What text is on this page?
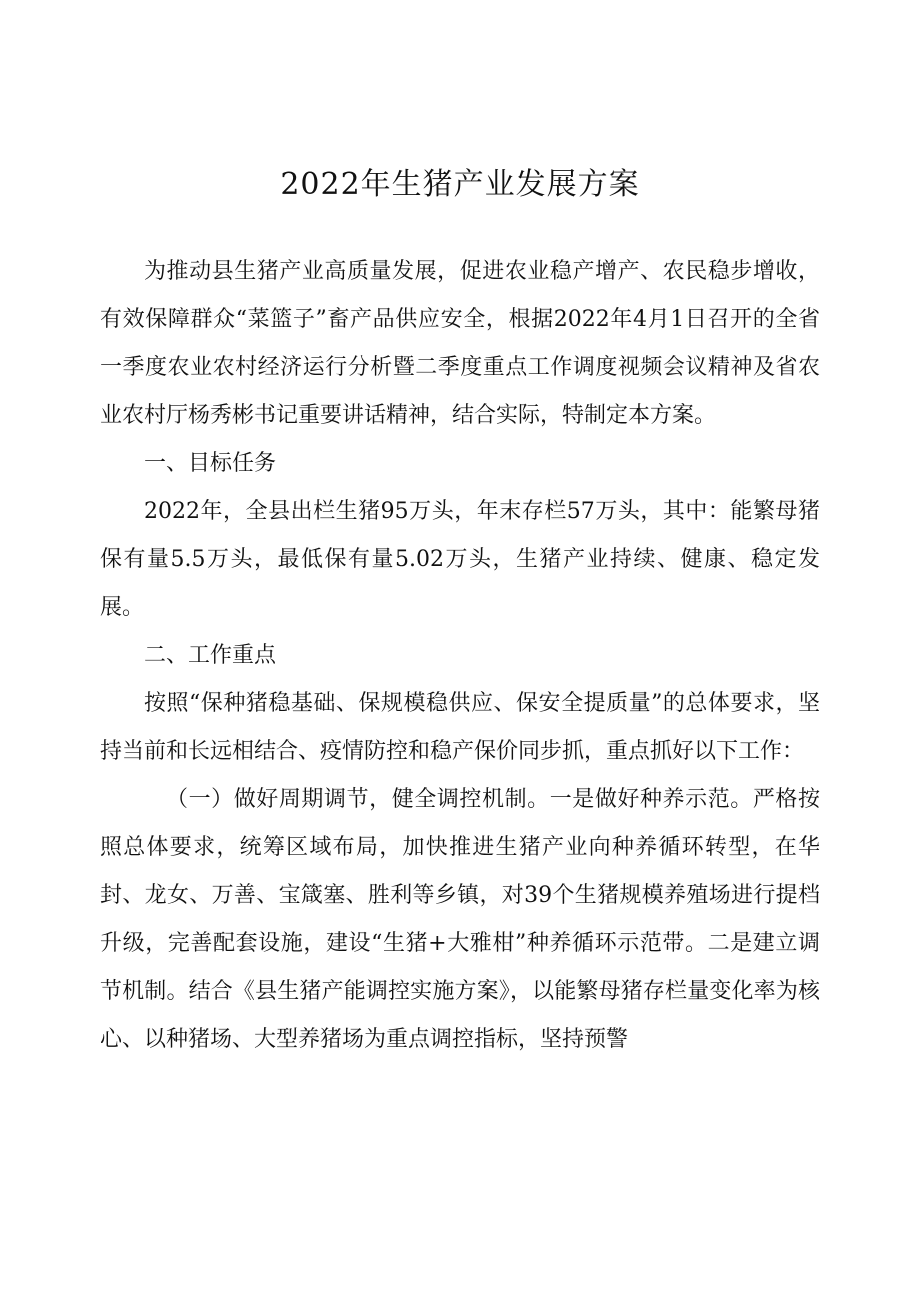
2022年生猪产业发展方案

为推动县生猪产业高质量发展，促进农业稳产增产、农民稳步增收，有效保障群众“菜篮子”畜产品供应安全，根据2022年4月1日召开的全省一季度农业农村经济运行分析暨二季度重点工作调度视频会议精神及省农业农村厅杨秀彬书记重要讲话精神，结合实际，特制定本方案。

一、目标任务

2022年，全县出栏生猪95万头，年末存栏57万头，其中：能繁母猪保有量5.5万头，最低保有量5.02万头，生猪产业持续、健康、稳定发展。

二、工作重点

按照“保种猪稳基础、保规模稳供应、保安全提质量”的总体要求，坚持当前和长远相结合、疫情防控和稳产保价同步抓，重点抓好以下工作：

（一）做好周期调节，健全调控机制。一是做好种养示范。严格按照总体要求，统筹区域布局，加快推进生猪产业向种养循环转型，在华封、龙女、万善、宝箴塞、胜利等乡镇，对39个生猪规模养殖场进行提档升级，完善配套设施，建设“生猪+大雅柑”种养循环示范带。二是建立调节机制。结合《县生猪产能调控实施方案》，以能繁母猪存栏量变化率为核心、以种猪场、大型养猪场为重点调控指标，坚持预警
